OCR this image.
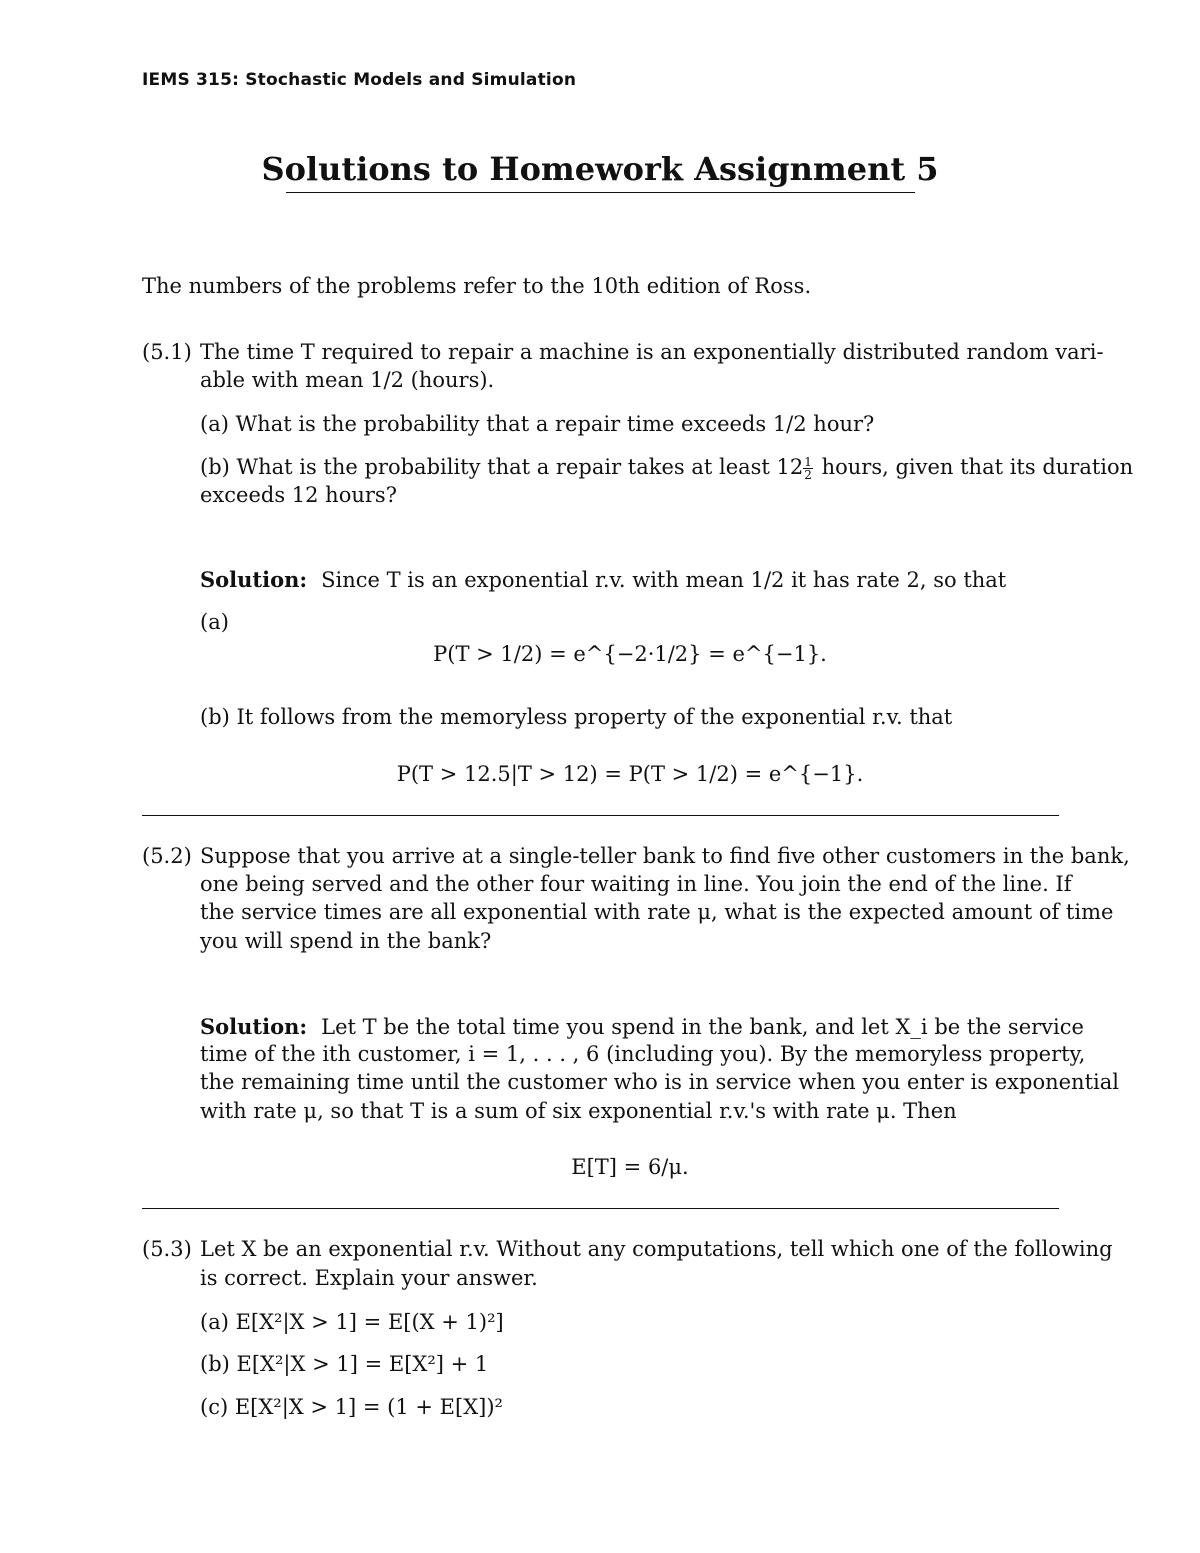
IEMS 315: Stochastic Models and Simulation
Solutions to Homework Assignment 5
The numbers of the problems refer to the 10th edition of Ross.
(5.1) The time T required to repair a machine is an exponentially distributed random vari-
able with mean 1/2 (hours).
(a) What is the probability that a repair time exceeds 1/2 hour?
(b) What is the probability that a repair takes at least $12 \frac{1}{2}$ hours, given that its duration
exceeds 12 hours?
Solution: Since T is an exponential r.v. with mean 1/2 it has rate 2, so that
(a)
P(T > 1/2) = e^{−2·1/2} = e^{−1}.
(b) It follows from the memoryless property of the exponential r.v. that
P(T > 12.5|T > 12) = P(T > 1/2) = e^{−1}.
(5.2) Suppose that you arrive at a single-teller bank to find five other customers in the bank,
one being served and the other four waiting in line. You join the end of the line. If
the service times are all exponential with rate μ, what is the expected amount of time
you will spend in the bank?
Solution: Let T be the total time you spend in the bank, and let X_i be the service
time of the ith customer, i = 1, . . . , 6 (including you). By the memoryless property,
the remaining time until the customer who is in service when you enter is exponential
with rate μ, so that T is a sum of six exponential r.v.'s with rate μ. Then
E[T] = 6/μ.
(5.3) Let X be an exponential r.v. Without any computations, tell which one of the following
is correct. Explain your answer.
(a) E[X²|X > 1] = E[(X + 1)²]
(b) E[X²|X > 1] = E[X²] + 1
(c) E[X²|X > 1] = (1 + E[X])²
